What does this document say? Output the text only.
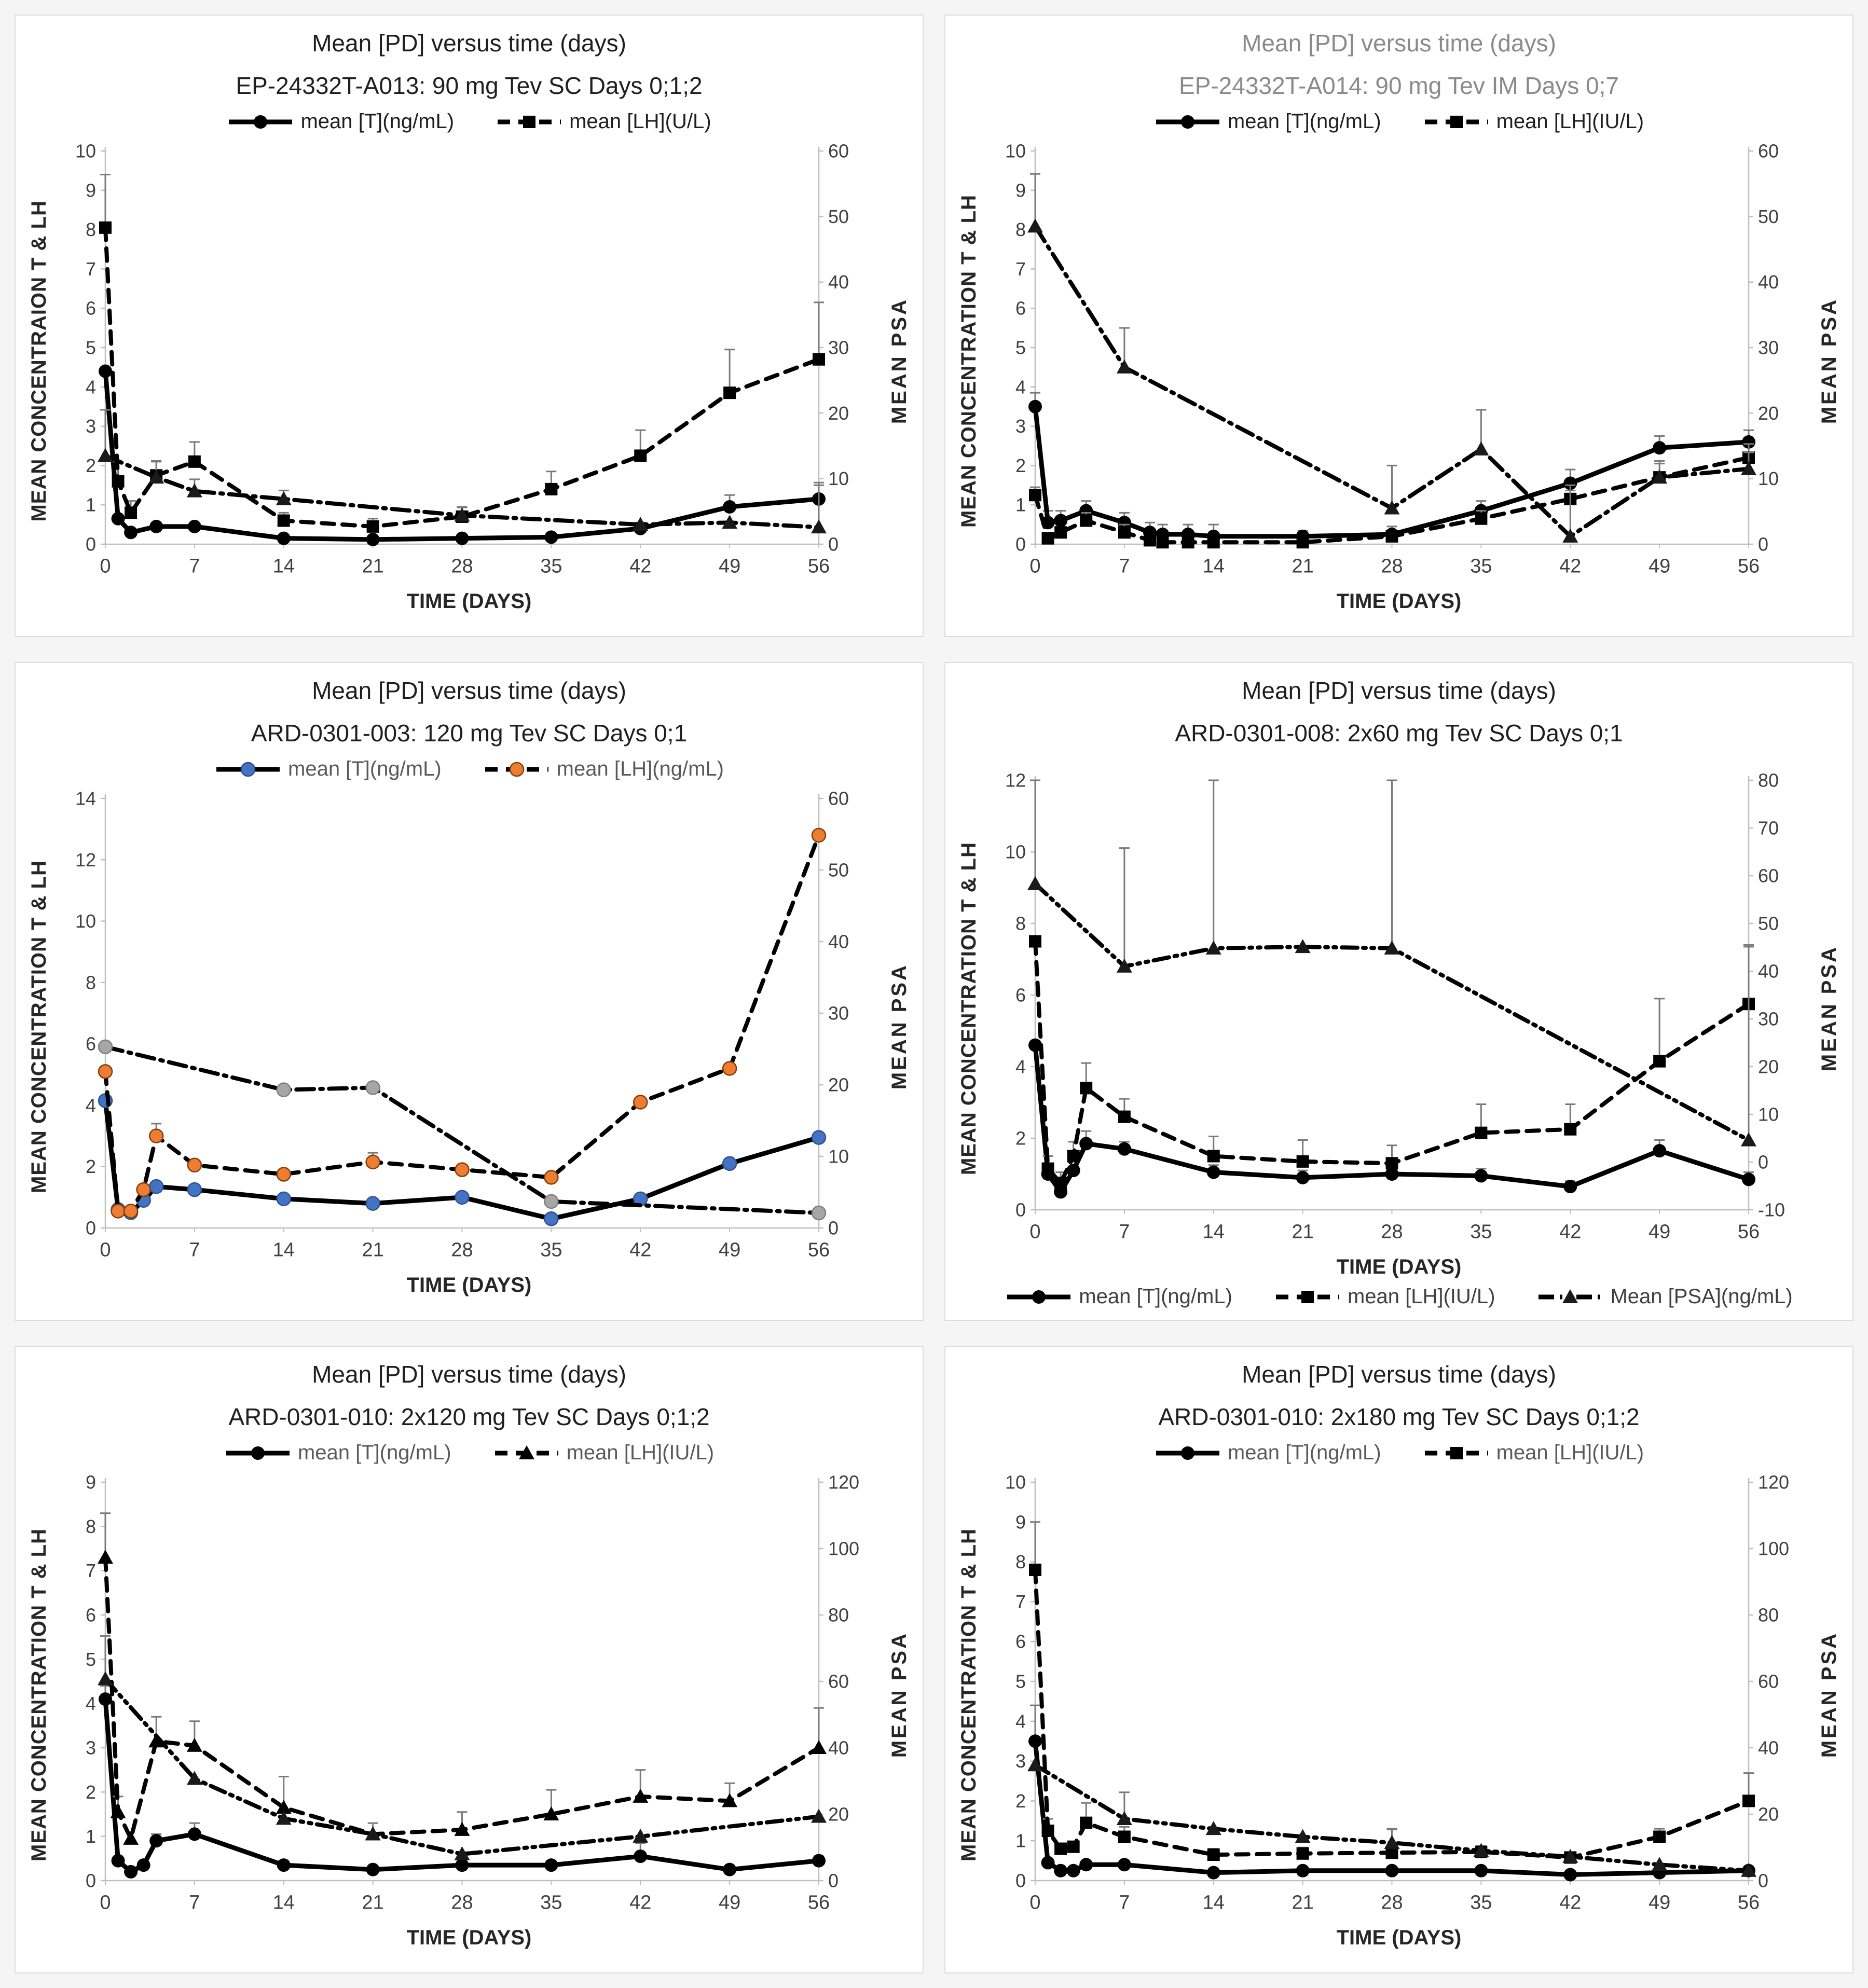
Mean [PD] versus time (days)
EP-24332T-A013: 90 mg Tev SC Days 0;1;2
mean [T](ng/mL)	mean [LH](U/L)
MEAN CONCENTRAION T & LH
0
1
2
3
4
5
6
7
8
9
10
0
10
20
30
40
50
60
0	7	14	21	28	35	42	49	56
MEAN PSA
TIME (DAYS)
Mean [PD] versus time (days)
EP-24332T-A014: 90 mg Tev IM Days 0;7
mean [T](ng/mL)	mean [LH](IU/L)
MEAN CONCENTRATION T & LH
0
1
2
3
4
5
6
7
8
9
10
0
10
20
30
40
50
60
0	7	14	21	28	35	42	49	56
MEAN PSA
TIME (DAYS)
Mean [PD] versus time (days)
ARD-0301-003: 120 mg Tev SC Days 0;1
mean [T](ng/mL)	mean [LH](ng/mL)
MEAN CONCENTRATION T & LH
0
2
4
6
8
10
12
14
0
10
20
30
40
50
60
0	7	14	21	28	35	42	49	56
MEAN PSA
TIME (DAYS)
Mean [PD] versus time (days)
ARD-0301-008: 2x60 mg Tev SC Days 0;1
MEAN CONCENTRATION T & LH
0
2
4
6
8
10
12
-10
0
10
20
30
40
50
60
70
80
0	7	14	21	28	35	42	49	56
MEAN PSA
TIME (DAYS)
mean [T](ng/mL)	mean [LH](IU/L)	Mean [PSA](ng/mL)
Mean [PD] versus time (days)
ARD-0301-010: 2x120 mg Tev SC Days 0;1;2
mean [T](ng/mL)	mean [LH](IU/L)
MEAN CONCENTRATION T & LH
0
1
2
3
4
5
6
7
8
9
0
20
40
60
80
100
120
0	7	14	21	28	35	42	49	56
MEAN PSA
TIME (DAYS)
Mean [PD] versus time (days)
ARD-0301-010: 2x180 mg Tev SC Days 0;1;2
mean [T](ng/mL)	mean [LH](IU/L)
MEAN CONCENTRATION T & LH
0
1
2
3
4
5
6
7
8
9
10
0
20
40
60
80
100
120
0	7	14	21	28	35	42	49	56
MEAN PSA
TIME (DAYS)
